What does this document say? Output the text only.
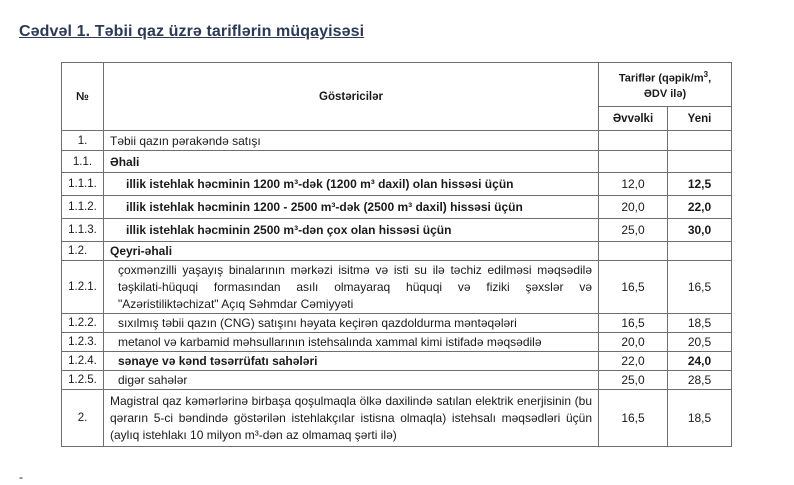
Cədvəl 1. Təbii qaz üzrə tariflərin müqayisəsi
№	Göstəricilər	Tariflər ($qəpik/m^3$,
ƏDV ilə)	
		Əvvəlki	Yeni
1.	Təbii qazın pərakəndə satışı		
1.1.	Əhali		
1.1.1.	illik istehlak həcminin 1200 m³-dək (1200 m³ daxil) olan hissəsi üçün	12,0	12,5
1.1.2.	illik istehlak həcminin 1200 - 2500 m³-dək (2500 m³ daxil) hissəsi üçün	20,0	22,0
1.1.3.	illik istehlak həcminin 2500 m³-dən çox olan hissəsi üçün	25,0	30,0
1.2.	Qeyri-əhali		
1.2.1.	çoxmənzilli yaşayış binalarının mərkəzi isitmə və isti su ilə təchiz edilməsi məqsədilə təşkilati-hüquqi formasından asılı olmayaraq hüquqi və fiziki şəxslər və "Azəristiliktəchizat" Açıq Səhmdar Cəmiyyəti	16,5	16,5
1.2.2.	sıxılmış təbii qazın (CNG) satışını həyata keçirən qazdoldurma məntəqələri	16,5	18,5
1.2.3.	metanol və karbamid məhsullarının istehsalında xammal kimi istifadə məqsədilə	20,0	20,5
1.2.4.	sənaye və kənd təsərrüfatı sahələri	22,0	24,0
1.2.5.	digər sahələr	25,0	28,5
2.	Magistral qaz kəmərlərinə birbaşa qoşulmaqla ölkə daxilində satılan elektrik enerjisinin (bu qərarın 5-ci bəndində göstərilən istehlakçılar istisna olmaqla) istehsalı məqsədləri üçün (aylıq istehlakı 10 milyon m³-dən az olmamaq şərti ilə)	16,5	18,5
-
